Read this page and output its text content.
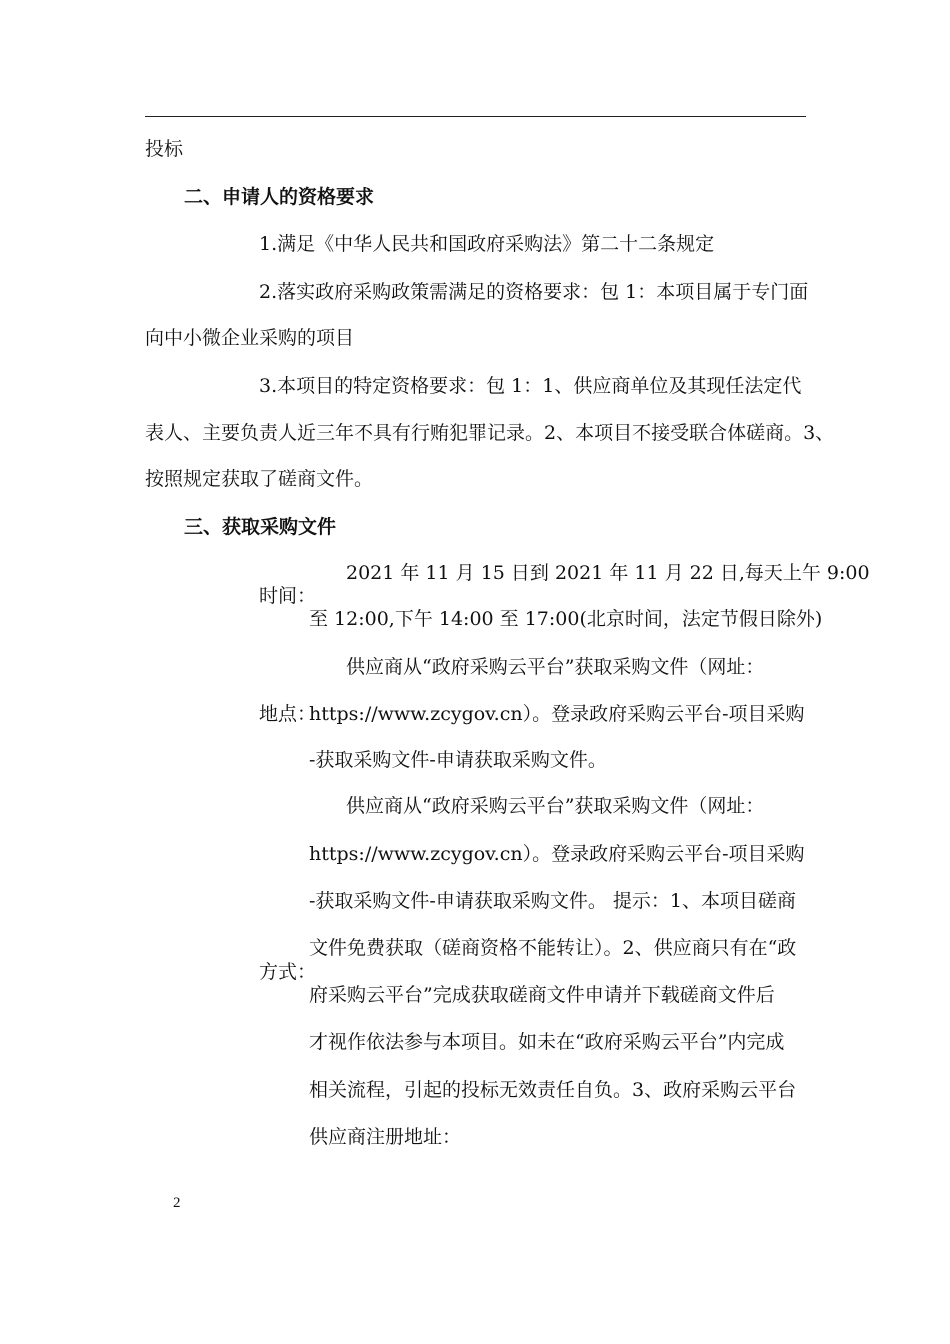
投标
二、申请人的资格要求
1.满足《中华人民共和国政府采购法》第二十二条规定
2.落实政府采购政策需满足的资格要求：包 1：本项目属于专门面
向中小微企业采购的项目
3.本项目的特定资格要求：包 1：1、供应商单位及其现任法定代
表人、主要负责人近三年不具有行贿犯罪记录。2、本项目不接受联合体磋商。3、
按照规定获取了磋商文件。
三、获取采购文件
时间：
2021 年 11 月 15 日到 2021 年 11 月 22 日,每天上午 9:00
至 12:00,下午 14:00 至 17:00(北京时间，法定节假日除外)
地点：
供应商从“政府采购云平台”获取采购文件（网址：
https://www.zcygov.cn）。登录政府采购云平台-项目采购
-获取采购文件-申请获取采购文件。
方式：
供应商从“政府采购云平台”获取采购文件（网址：
https://www.zcygov.cn）。登录政府采购云平台-项目采购
-获取采购文件-申请获取采购文件。 提示：1、本项目磋商
文件免费获取（磋商资格不能转让）。2、供应商只有在“政
府采购云平台”完成获取磋商文件申请并下载磋商文件后
才视作依法参与本项目。如未在“政府采购云平台”内完成
相关流程，引起的投标无效责任自负。3、政府采购云平台
供应商注册地址：
2
